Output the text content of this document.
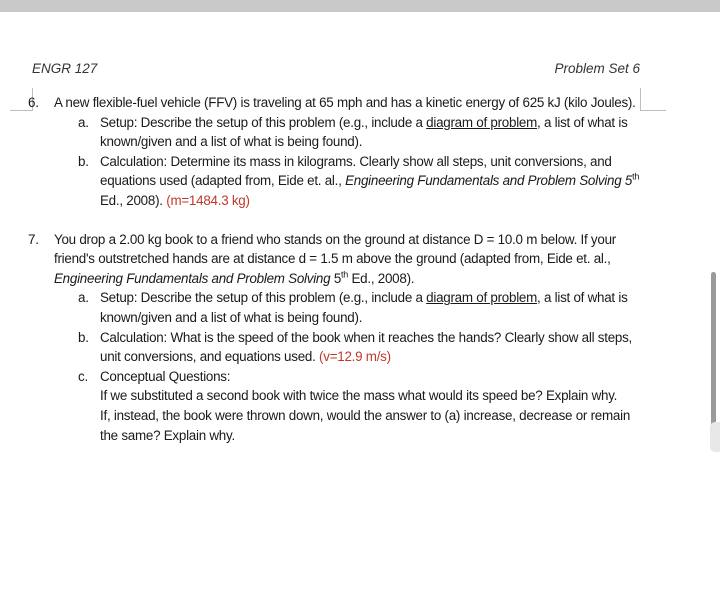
ENGR 127	Problem Set 6
6. A new flexible-fuel vehicle (FFV) is traveling at 65 mph and has a kinetic energy of 625 kJ (kilo Joules).
a. Setup: Describe the setup of this problem (e.g., include a diagram of problem, a list of what is known/given and a list of what is being found).
b. Calculation: Determine its mass in kilograms. Clearly show all steps, unit conversions, and equations used (adapted from, Eide et. al., Engineering Fundamentals and Problem Solving 5th Ed., 2008). (m=1484.3 kg)
7. You drop a 2.00 kg book to a friend who stands on the ground at distance D = 10.0 m below. If your friend's outstretched hands are at distance d = 1.5 m above the ground (adapted from, Eide et. al., Engineering Fundamentals and Problem Solving 5th Ed., 2008).
a. Setup: Describe the setup of this problem (e.g., include a diagram of problem, a list of what is known/given and a list of what is being found).
b. Calculation: What is the speed of the book when it reaches the hands? Clearly show all steps, unit conversions, and equations used. (v=12.9 m/s)
c. Conceptual Questions:
If we substituted a second book with twice the mass what would its speed be? Explain why.
If, instead, the book were thrown down, would the answer to (a) increase, decrease or remain the same? Explain why.
